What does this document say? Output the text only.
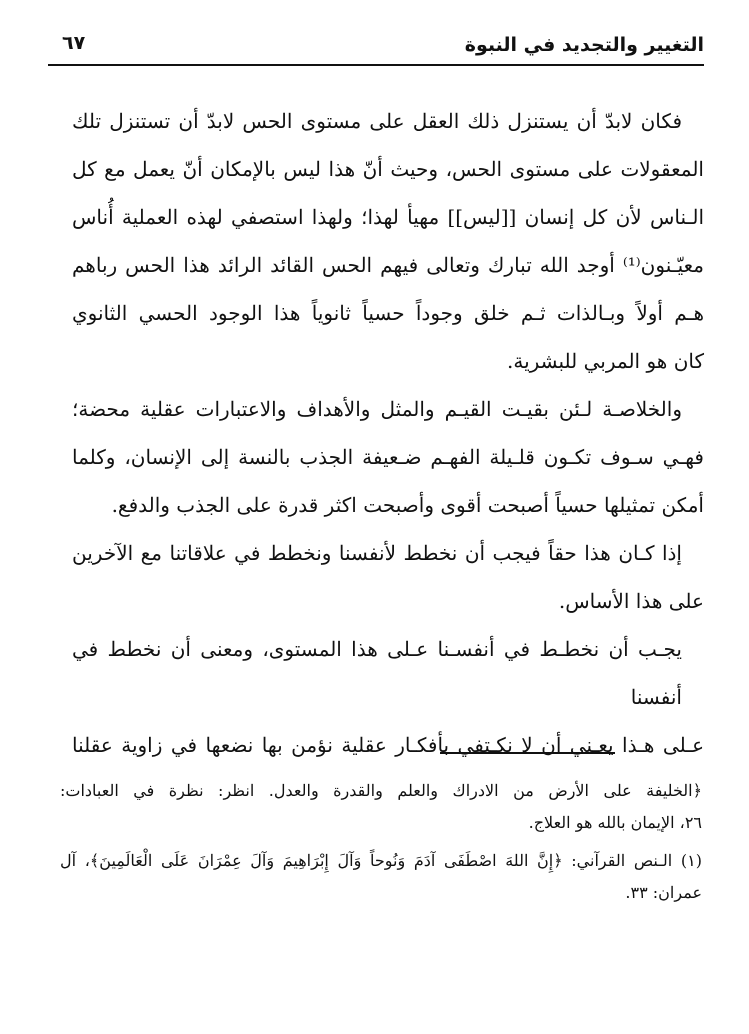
التغيير والتجديد في النبوة
٦٧

فكان لابدّ أن يستنزل ذلك العقل على مستوى الحس لابدّ أن تستنزل تلك
المعقولات على مستوى الحس، وحيث أنّ هذا ليس بالإمكان أنّ يعمل مع كل
الـناس لأن كل إنسان [[ليس]] مهيأ لهذا؛ ولهذا استصفي لهذه العملية أُناس
معيّـنون⁽¹⁾ أوجد الله تبارك وتعالى فيهم الحس القائد الرائد هذا الحس رباهم
هـم أولاً وبـالذات ثـم خلق وجوداً حسياً ثانوياً هذا الوجود الحسي الثانوي
كان هو المربي للبشرية.

والخلاصـة لـئن بقيـت القيـم والمثل والأهداف والاعتبارات عقلية محضة؛
فهـي سـوف تكـون قلـيلة الفهـم ضـعيفة الجذب بالنسة إلى الإنسان، وكلما
أمكن تمثيلها حسياً أصبحت أقوى وأصبحت اكثر قدرة على الجذب والدفع.

إذا كـان هذا حقاً فيجب أن نخطط لأنفسنا ونخطط في علاقاتنا مع الآخرين
على هذا الأساس.

يجـب أن نخطـط في أنفسـنا عـلى هذا المستوى، ومعنى أن نخطط في أنفسنا
عـلى هـذا يعـني أن لا نكـتفي بأفكـار عقلية نؤمن بها نضعها في زاوية عقلنا

﴿الخليفة على الأرض من الادراك والعلم والقدرة والعدل. انظر: نظرة في العبادات:
٢٦، الإيمان بالله هو العلاج.

(١) الـنص القرآني: ﴿إِنَّ اللهَ اصْطَفَى آدَمَ وَنُوحاً وَآلَ إِبْرَاهِيمَ وَآلَ عِمْرَانَ عَلَى الْعَالَمِينَ﴾، آل
عمران: ٣٣.
